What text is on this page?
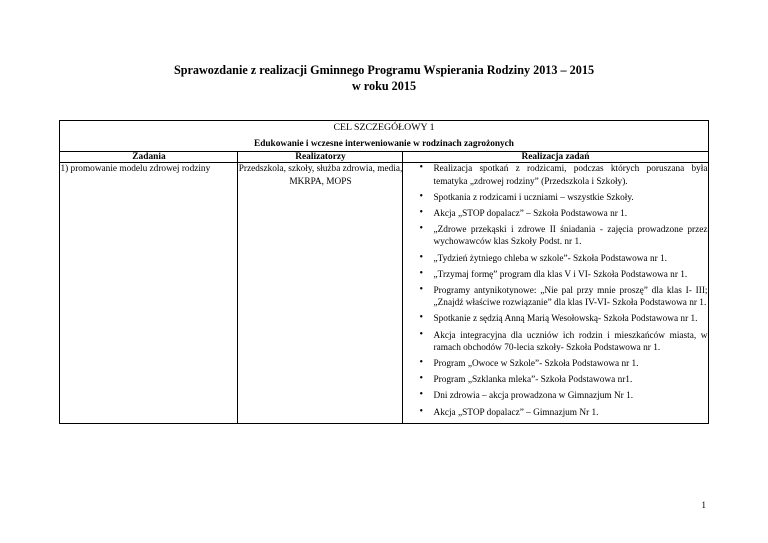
Sprawozdanie z realizacji Gminnego Programu Wspierania Rodziny 2013 – 2015
w roku 2015
CEL SZCZEGÓŁOWY 1
Edukowanie i wczesne interweniowanie w rodzinach zagrożonych		

Zadania	Realizatorzy	Realizacja zadań
1) promowanie modelu zdrowej rodziny	Przedszkola, szkoły, służba zdrowia, media, MKRPA, MOPS	
• Realizacja spotkań z rodzicami, podczas których poruszana była tematyka „zdrowej rodziny” (Przedszkola i Szkoły).
• Spotkania z rodzicami i uczniami – wszystkie Szkoły.
• Akcja „STOP dopalacz” – Szkoła Podstawowa nr 1.
• „Zdrowe przekąski i zdrowe II śniadania - zajęcia prowadzone przez wychowawców klas Szkoły Podst. nr 1.
• „Tydzień żytniego chleba w szkole”- Szkoła Podstawowa nr 1.
• „Trzymaj formę” program dla klas V i VI- Szkoła Podstawowa nr 1.
• Programy antynikotynowe: „Nie pal przy mnie proszę” dla klas I- III; „Znajdź właściwe rozwiązanie” dla klas IV-VI- Szkoła Podstawowa nr 1.
• Spotkanie z sędzią Anną Marią Wesołowską- Szkoła Podstawowa nr 1.
• Akcja integracyjna dla uczniów ich rodzin i mieszkańców miasta, w ramach obchodów 70-lecia szkoły- Szkoła Podstawowa nr 1.
• Program „Owoce w Szkole”- Szkoła Podstawowa nr 1.
• Program „Szklanka mleka”- Szkoła Podstawowa nr1.
• Dni zdrowia – akcja prowadzona w Gimnazjum Nr 1.
• Akcja „STOP dopalacz” – Gimnazjum Nr 1.
1
